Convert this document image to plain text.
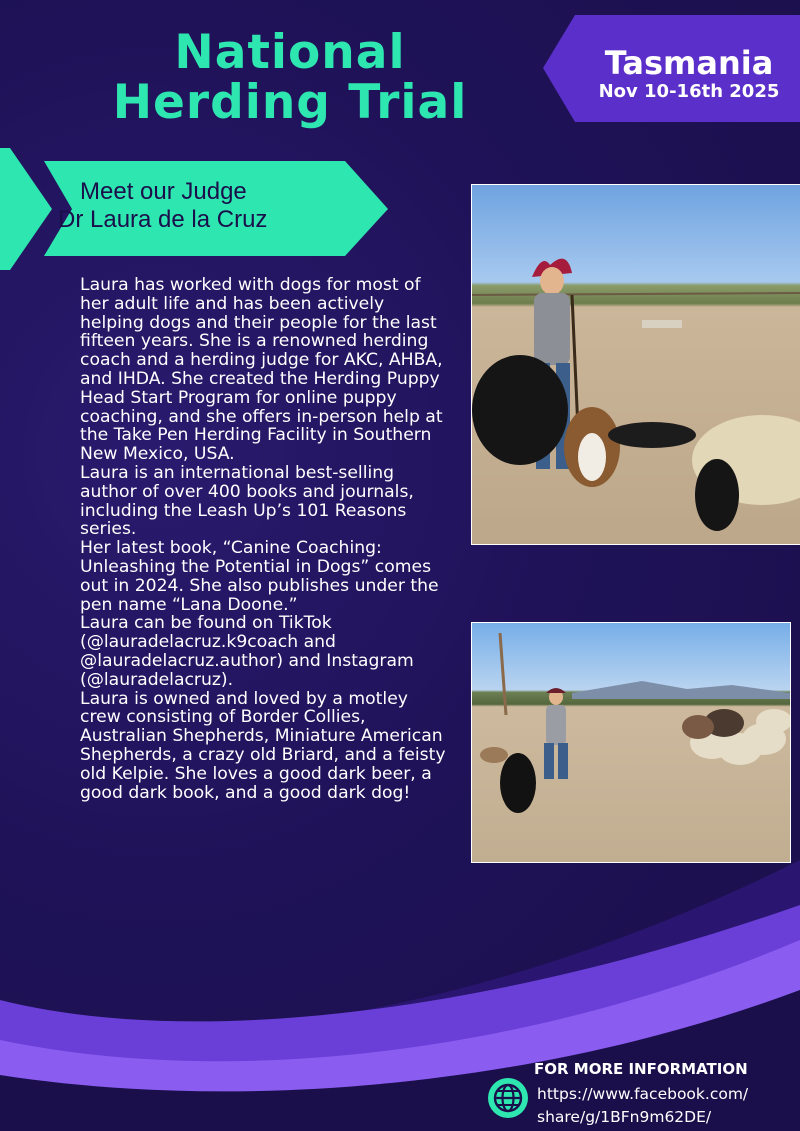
National
Herding Trial
Tasmania
Nov 10-16th 2025
Meet our Judge
Dr Laura de la Cruz

Laura has worked with dogs for most of her adult life and has been actively helping dogs and their people for the last fifteen years. She is a renowned herding coach and a herding judge for AKC, AHBA, and IHDA. She created the Herding Puppy Head Start Program for online puppy coaching, and she offers in-person help at the Take Pen Herding Facility in Southern New Mexico, USA.

Laura is an international best-selling author of over 400 books and journals, including the Leash Up’s 101 Reasons series.

Her latest book, “Canine Coaching: Unleashing the Potential in Dogs” comes out in 2024. She also publishes under the pen name “Lana Doone.”

Laura can be found on TikTok (@lauradelacruz.k9coach and @lauradelacruz.author) and Instagram (@lauradelacruz).

Laura is owned and loved by a motley crew consisting of Border Collies, Australian Shepherds, Miniature American Shepherds, a crazy old Briard, and a feisty old Kelpie. She loves a good dark beer, a good dark book, and a good dark dog!

FOR MORE INFORMATION
https://www.facebook.com/
share/g/1BFn9m62DE/
